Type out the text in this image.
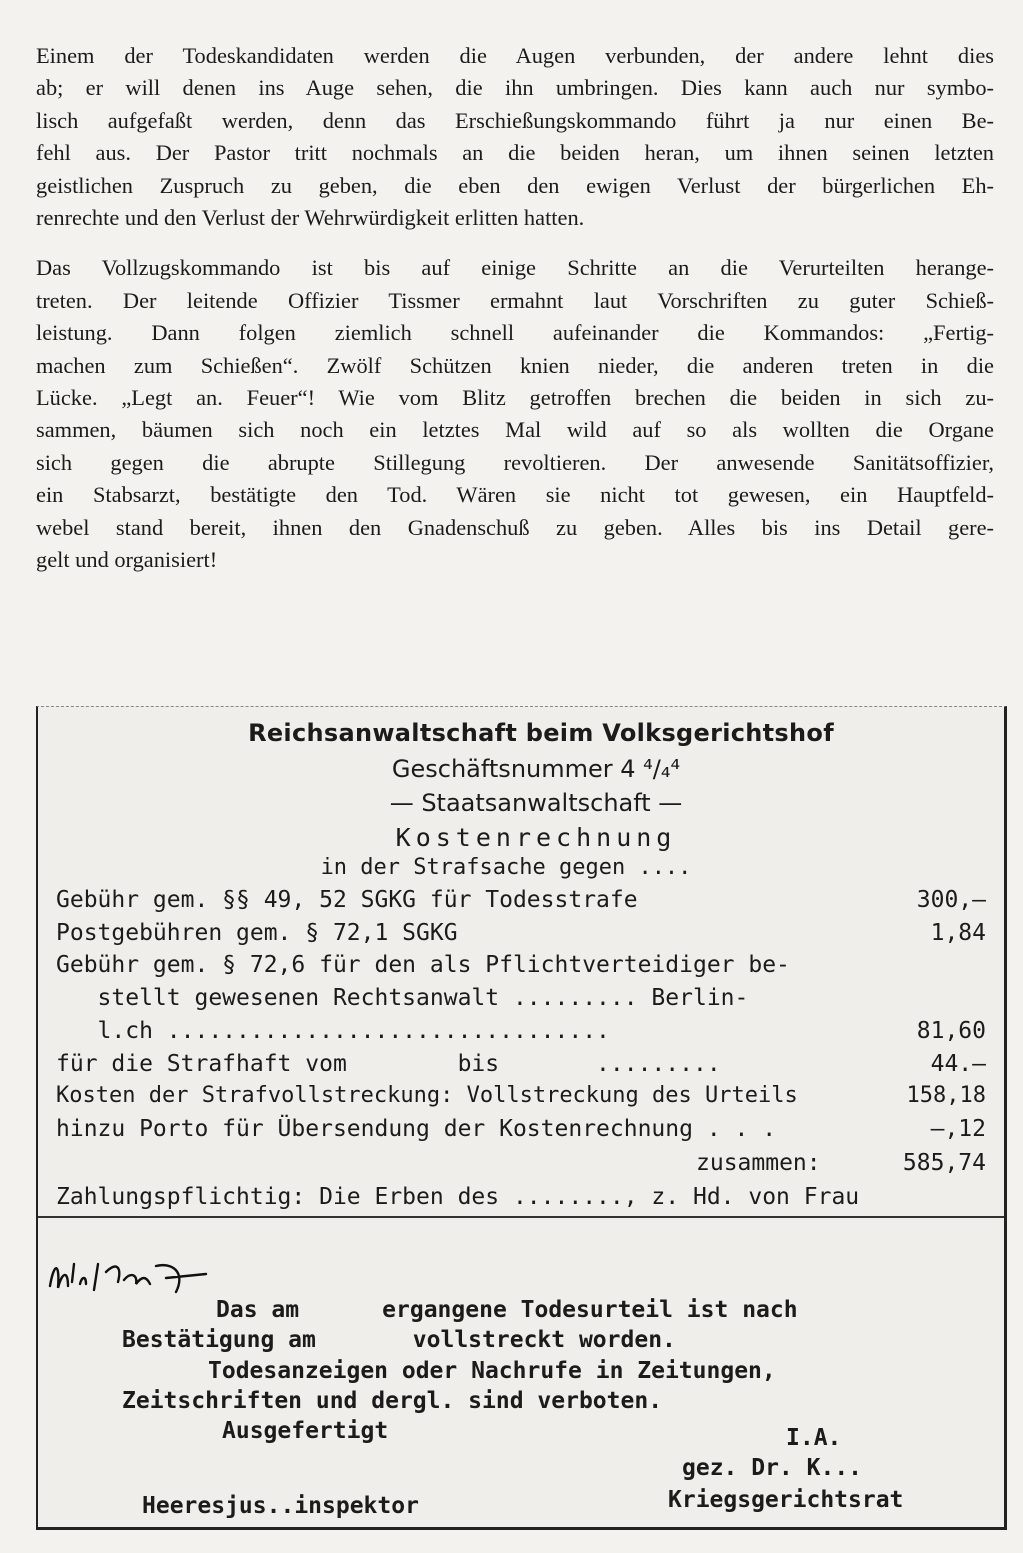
Einem der Todeskandidaten werden die Augen verbunden, der andere lehnt dies
ab; er will denen ins Auge sehen, die ihn umbringen. Dies kann auch nur symbo-
lisch aufgefaßt werden, denn das Erschießungskommando führt ja nur einen Be-
fehl aus. Der Pastor tritt nochmals an die beiden heran, um ihnen seinen letzten
geistlichen Zuspruch zu geben, die eben den ewigen Verlust der bürgerlichen Eh-
renrechte und den Verlust der Wehrwürdigkeit erlitten hatten.

Das Vollzugskommando ist bis auf einige Schritte an die Verurteilten herange-
treten. Der leitende Offizier Tissmer ermahnt laut Vorschriften zu guter Schieß-
leistung. Dann folgen ziemlich schnell aufeinander die Kommandos: „Fertig-
machen zum Schießen“. Zwölf Schützen knien nieder, die anderen treten in die
Lücke. „Legt an. Feuer“! Wie vom Blitz getroffen brechen die beiden in sich zu-
sammen, bäumen sich noch ein letztes Mal wild auf so als wollten die Organe
sich gegen die abrupte Stillegung revoltieren. Der anwesende Sanitätsoffizier,
ein Stabsarzt, bestätigte den Tod. Wären sie nicht tot gewesen, ein Hauptfeld-
webel stand bereit, ihnen den Gnadenschuß zu geben. Alles bis ins Detail gere-
gelt und organisiert!

Reichsanwaltschaft beim Volksgerichtshof
Geschäftsnummer 4 ⁴/₄⁴
— Staatsanwaltschaft —
Kostenrechnung
in der Strafsache gegen ....
Gebühr gem. §§ 49, 52 SGKG für Todesstrafe	300,–
Postgebühren gem. § 72,1 SGKG	1,84
Gebühr gem. § 72,6 für den als Pflichtverteidiger be-
stellt gewesenen Rechtsanwalt ......... Berlin-
l.ch ................................	81,60
für die Strafhaft vom        bis       .........	44.–
Kosten der Strafvollstreckung: Vollstreckung des Urteils	158,18
hinzu Porto für Übersendung der Kostenrechnung . . .	–,12
zusammen:	585,74
Zahlungspflichtig: Die Erben des ........, z. Hd. von Frau
Das am      ergangene Todesurteil ist nach
Bestätigung am       vollstreckt worden.
Todesanzeigen oder Nachrufe in Zeitungen,
Zeitschriften und dergl. sind verboten.
Ausgefertigt	I.A.
gez. Dr. K...
Heeresjus..inspektor	Kriegsgerichtsrat
